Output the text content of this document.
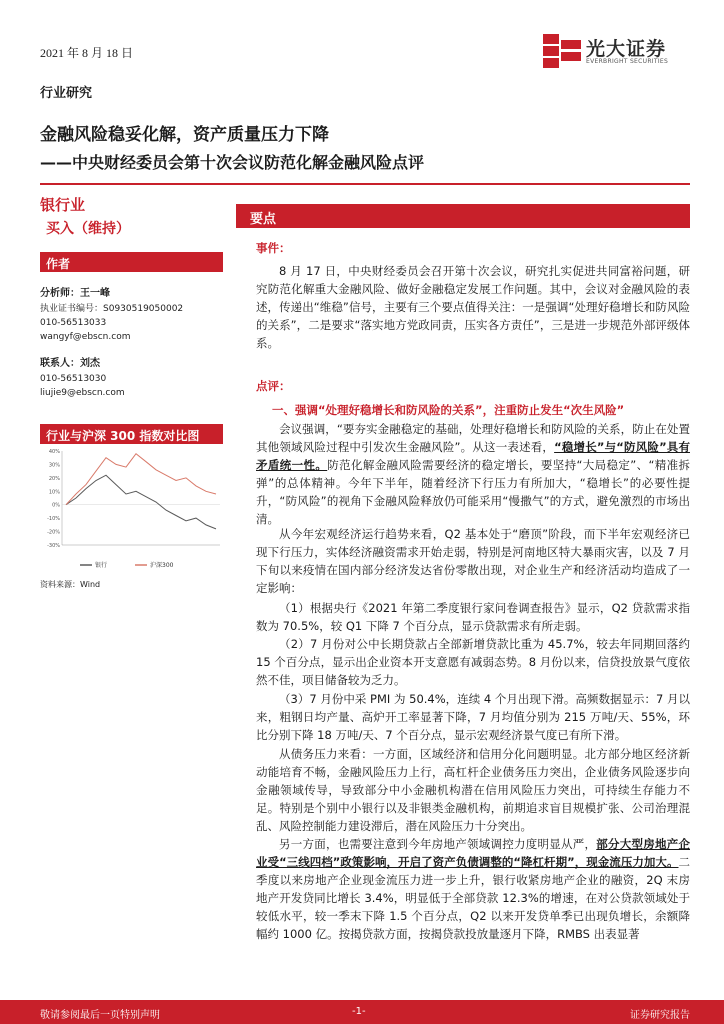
2021 年 8 月 18 日	光大证券
EVERBRIGHT SECURITIES
行业研究
金融风险稳妥化解，资产质量压力下降
——中央财经委员会第十次会议防范化解金融风险点评
银行业
买入（维持）
作者
分析师：王一峰
执业证书编号：S0930519050002
010-56513033
wangyf@ebscn.com
联系人：刘杰
010-56513030
liujie9@ebscn.com
行业与沪深 300 指数对比图
40%
30%
20%
10%
0%
-10%
-20%
-30%
银行	沪深300
资料来源：Wind
要点
事件：
8 月 17 日，中央财经委员会召开第十次会议，研究扎实促进共同富裕问题，研究防范化解重大金融风险、做好金融稳定发展工作问题。其中，会议对金融风险的表述，传递出“维稳”信号，主要有三个要点值得关注：一是强调“处理好稳增长和防风险的关系”，二是要求“落实地方党政同责，压实各方责任”，三是进一步规范外部评级体系。
点评：
一、强调“处理好稳增长和防风险的关系”，注重防止发生“次生风险”
会议强调，“要夯实金融稳定的基础，处理好稳增长和防风险的关系，防止在处置其他领域风险过程中引发次生金融风险”。从这一表述看，“稳增长”与“防风险”具有矛盾统一性。防范化解金融风险需要经济的稳定增长，要坚持“大局稳定”、“精准拆弹”的总体精神。今年下半年，随着经济下行压力有所加大，“稳增长”的必要性提升，“防风险”的视角下金融风险释放仍可能采用“慢撒气”的方式，避免激烈的市场出清。
从今年宏观经济运行趋势来看，Q2 基本处于“磨顶”阶段，而下半年宏观经济已现下行压力，实体经济融资需求开始走弱，特别是河南地区特大暴雨灾害，以及 7 月下旬以来疫情在国内部分经济发达省份零散出现，对企业生产和经济活动均造成了一定影响：
（1）根据央行《2021 年第二季度银行家问卷调查报告》显示，Q2 贷款需求指数为 70.5%，较 Q1 下降 7 个百分点，显示贷款需求有所走弱。
（2）7 月份对公中长期贷款占全部新增贷款比重为 45.7%，较去年同期回落约 15 个百分点，显示出企业资本开支意愿有减弱态势。8 月份以来，信贷投放景气度依然不佳，项目储备较为乏力。
（3）7 月份中采 PMI 为 50.4%，连续 4 个月出现下滑。高频数据显示：7 月以来，粗钢日均产量、高炉开工率显著下降，7 月均值分别为 215 万吨/天、55%，环比分别下降 18 万吨/天、7 个百分点，显示宏观经济景气度已有所下滑。
从债务压力来看：一方面，区域经济和信用分化问题明显。北方部分地区经济新动能培育不畅，金融风险压力上行，高杠杆企业债务压力突出，企业债务风险逐步向金融领域传导，导致部分中小金融机构潜在信用风险压力突出，可持续生存能力不足。特别是个别中小银行以及非银类金融机构，前期追求盲目规模扩张、公司治理混乱、风险控制能力建设滞后，潜在风险压力十分突出。
另一方面，也需要注意到今年房地产领域调控力度明显从严，部分大型房地产企业受“三线四档”政策影响，开启了资产负债调整的“降杠杆期”，现金流压力加大。二季度以来房地产企业现金流压力进一步上升，银行收紧房地产企业的融资，2Q 末房地产开发贷同比增长 3.4%，明显低于全部贷款 12.3%的增速，在对公贷款领域处于较低水平，较一季末下降 1.5 个百分点，Q2 以来开发贷单季已出现负增长，余额降幅约 1000 亿。按揭贷款方面，按揭贷款投放量逐月下降，RMBS 出表显著
敬请参阅最后一页特别声明	-1-	证券研究报告
